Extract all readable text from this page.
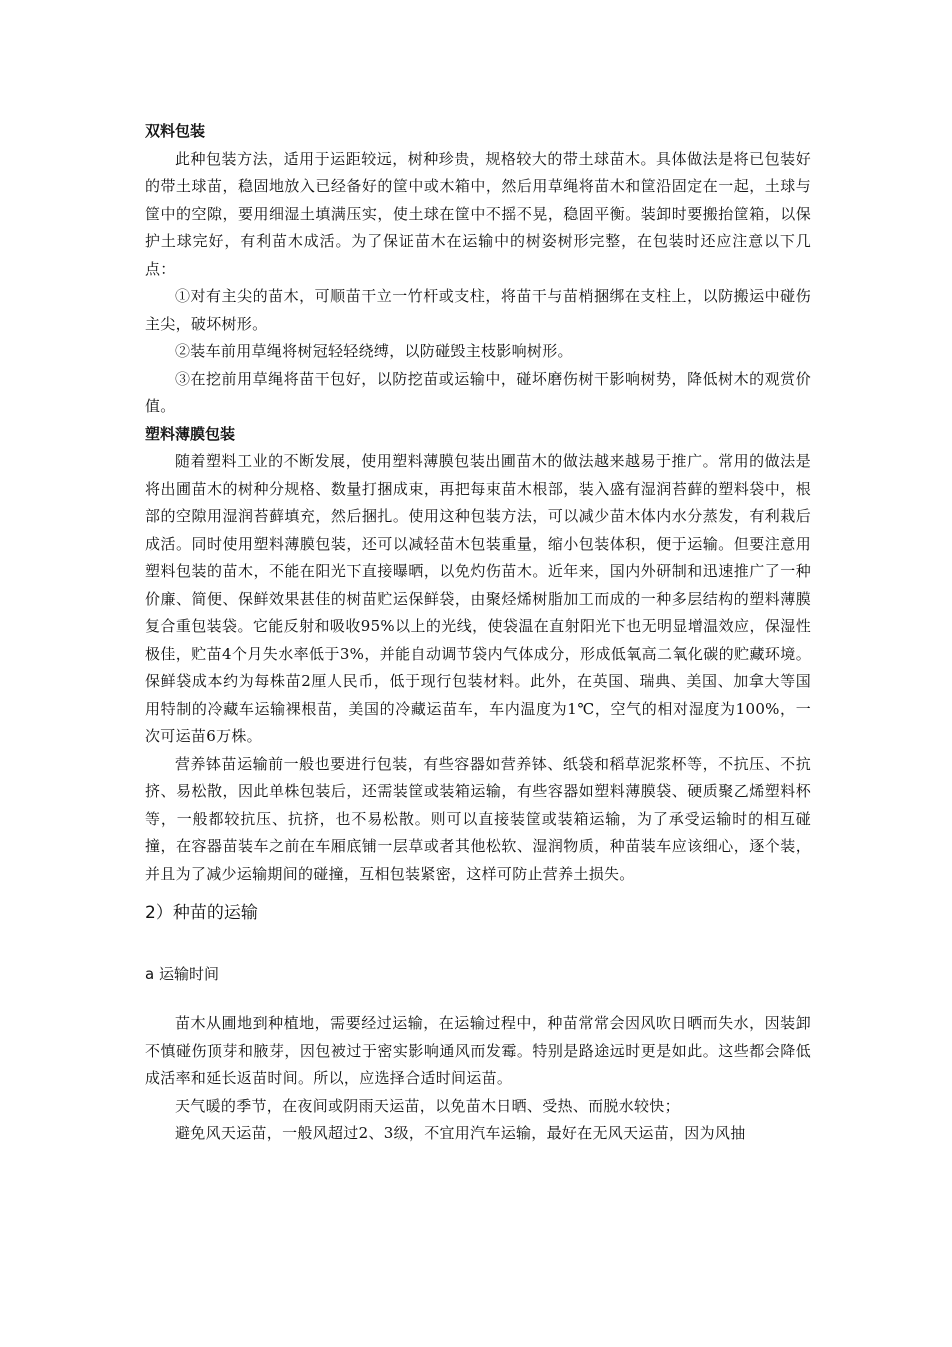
双料包装

此种包装方法，适用于运距较远，树种珍贵，规格较大的带土球苗木。具体做法是将已包装好的带土球苗，稳固地放入已经备好的筐中或木箱中，然后用草绳将苗木和筐沿固定在一起，土球与筐中的空隙，要用细湿土填满压实，使土球在筐中不摇不晃，稳固平衡。装卸时要搬抬筐箱，以保护土球完好，有利苗木成活。为了保证苗木在运输中的树姿树形完整，在包装时还应注意以下几点：

①对有主尖的苗木，可顺苗干立一竹杆或支柱，将苗干与苗梢捆绑在支柱上，以防搬运中碰伤主尖，破坏树形。

②装车前用草绳将树冠轻轻绕缚，以防碰毁主枝影响树形。

③在挖前用草绳将苗干包好，以防挖苗或运输中，碰坏磨伤树干影响树势，降低树木的观赏价值。

塑料薄膜包装

随着塑料工业的不断发展，使用塑料薄膜包装出圃苗木的做法越来越易于推广。常用的做法是将出圃苗木的树种分规格、数量打捆成束，再把每束苗木根部，装入盛有湿润苔藓的塑料袋中，根部的空隙用湿润苔藓填充，然后捆扎。使用这种包装方法，可以减少苗木体内水分蒸发，有利栽后成活。同时使用塑料薄膜包装，还可以减轻苗木包装重量，缩小包装体积，便于运输。但要注意用塑料包装的苗木，不能在阳光下直接曝晒，以免灼伤苗木。近年来，国内外研制和迅速推广了一种价廉、简便、保鲜效果甚佳的树苗贮运保鲜袋，由聚烃烯树脂加工而成的一种多层结构的塑料薄膜复合重包装袋。它能反射和吸收95%以上的光线，使袋温在直射阳光下也无明显增温效应，保湿性极佳，贮苗4个月失水率低于3%，并能自动调节袋内气体成分，形成低氧高二氧化碳的贮藏环境。保鲜袋成本约为每株苗2厘人民币，低于现行包装材料。此外，在英国、瑞典、美国、加拿大等国用特制的冷藏车运输裸根苗，美国的冷藏运苗车，车内温度为1℃，空气的相对湿度为100%，一次可运苗6万株。

营养钵苗运输前一般也要进行包装，有些容器如营养钵、纸袋和稻草泥浆杯等，不抗压、不抗挤、易松散，因此单株包装后，还需装筐或装箱运输，有些容器如塑料薄膜袋、硬质聚乙烯塑料杯等，一般都较抗压、抗挤，也不易松散。则可以直接装筐或装箱运输，为了承受运输时的相互碰撞，在容器苗装车之前在车厢底铺一层草或者其他松软、湿润物质，种苗装车应该细心，逐个装，并且为了减少运输期间的碰撞，互相包装紧密，这样可防止营养土损失。

2）种苗的运输
a 运输时间

苗木从圃地到种植地，需要经过运输，在运输过程中，种苗常常会因风吹日晒而失水，因装卸不慎碰伤顶芽和腋芽，因包被过于密实影响通风而发霉。特别是路途远时更是如此。这些都会降低成活率和延长返苗时间。所以，应选择合适时间运苗。

天气暖的季节，在夜间或阴雨天运苗，以免苗木日晒、受热、而脱水较快；

避免风天运苗，一般风超过2、3级，不宜用汽车运输，最好在无风天运苗，因为风抽
